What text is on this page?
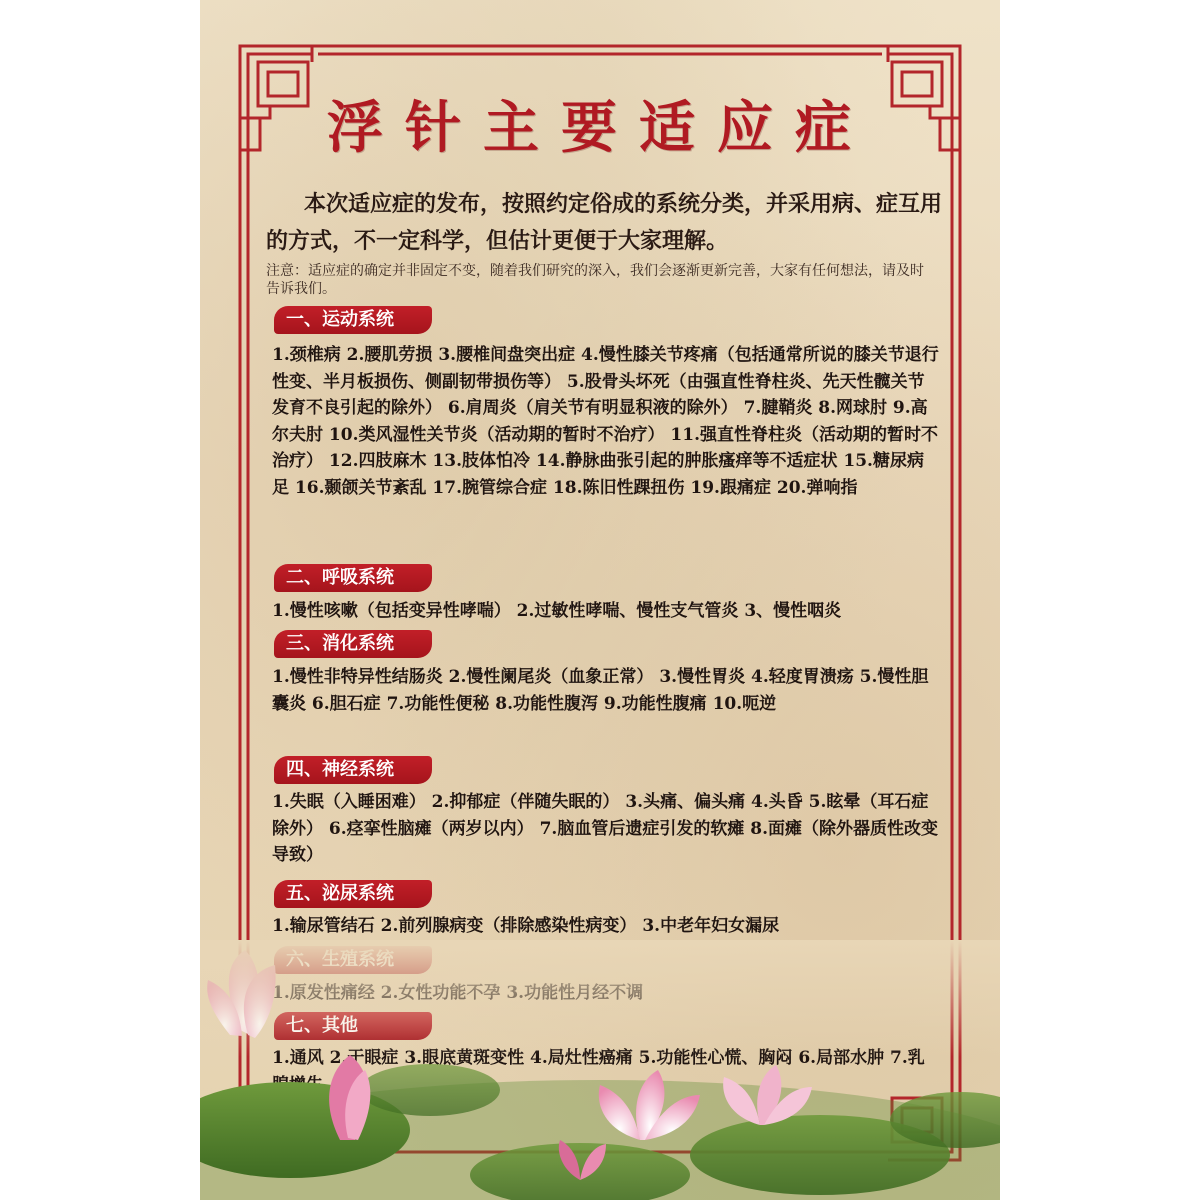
浮针主要适应症
本次适应症的发布，按照约定俗成的系统分类，并采用病、症互用的方式，不一定科学，但估计更便于大家理解。
注意：适应症的确定并非固定不变，随着我们研究的深入，我们会逐渐更新完善，大家有任何想法，请及时告诉我们。
一、运动系统
1.颈椎病 2.腰肌劳损 3.腰椎间盘突出症 4.慢性膝关节疼痛（包括通常所说的膝关节退行性变、半月板损伤、侧副韧带损伤等） 5.股骨头坏死（由强直性脊柱炎、先天性髋关节发育不良引起的除外） 6.肩周炎（肩关节有明显积液的除外） 7.腱鞘炎 8.网球肘 9.高尔夫肘 10.类风湿性关节炎（活动期的暂时不治疗） 11.强直性脊柱炎（活动期的暂时不治疗） 12.四肢麻木 13.肢体怕冷 14.静脉曲张引起的肿胀瘙痒等不适症状 15.糖尿病足 16.颞颌关节紊乱 17.腕管综合症 18.陈旧性踝扭伤 19.跟痛症 20.弹响指
二、呼吸系统
1.慢性咳嗽（包括变异性哮喘） 2.过敏性哮喘、慢性支气管炎 3、慢性咽炎
三、消化系统
1.慢性非特异性结肠炎 2.慢性阑尾炎（血象正常） 3.慢性胃炎 4.轻度胃溃疡 5.慢性胆囊炎 6.胆石症 7.功能性便秘 8.功能性腹泻 9.功能性腹痛 10.呃逆
四、神经系统
1.失眠（入睡困难） 2.抑郁症（伴随失眠的） 3.头痛、偏头痛 4.头昏 5.眩晕（耳石症除外） 6.痉挛性脑瘫（两岁以内） 7.脑血管后遗症引发的软瘫 8.面瘫（除外器质性改变导致）
五、泌尿系统
1.输尿管结石 2.前列腺病变（排除感染性病变） 3.中老年妇女漏尿
